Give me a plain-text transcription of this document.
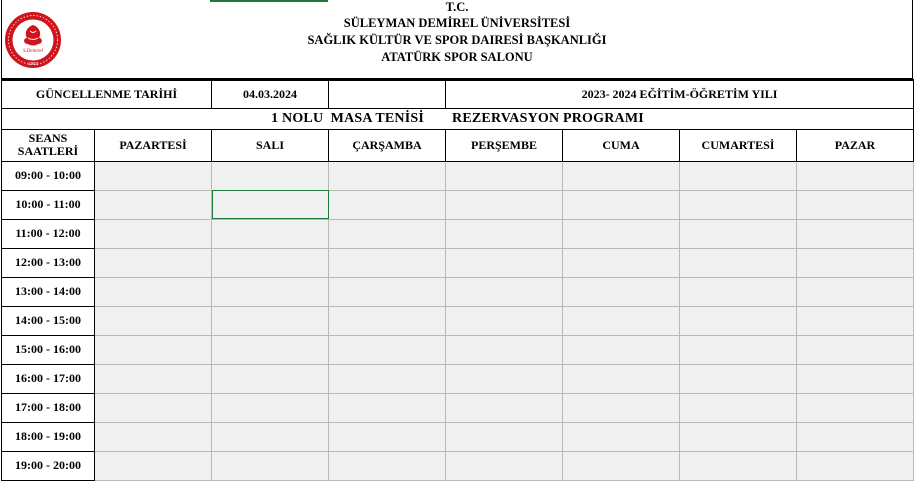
S.Demirel
1992
T.C.
SÜLEYMAN DEMİREL ÜNİVERSİTESİ
SAĞLIK KÜLTÜR VE SPOR DAIRESİ BAŞKANLIĞI
ATATÜRK SPOR SALONU
GÜNCELLENME TARİHİ		04.03.2024		2023- 2024 EĞİTİM-ÖĞRETİM YILI			
1 NOLU  MASA TENİSİ REZERVASYON PROGRAMI							
SEANS
SAATLERİ	PAZARTESİ	SALI	ÇARŞAMBA	PERŞEMBE	CUMA	CUMARTESİ	PAZAR
09:00 - 10:00							
10:00 - 11:00							
11:00 - 12:00							
12:00 - 13:00							
13:00 - 14:00							
14:00 - 15:00							
15:00 - 16:00							
16:00 - 17:00							
17:00 - 18:00							
18:00 - 19:00							
19:00 - 20:00							
